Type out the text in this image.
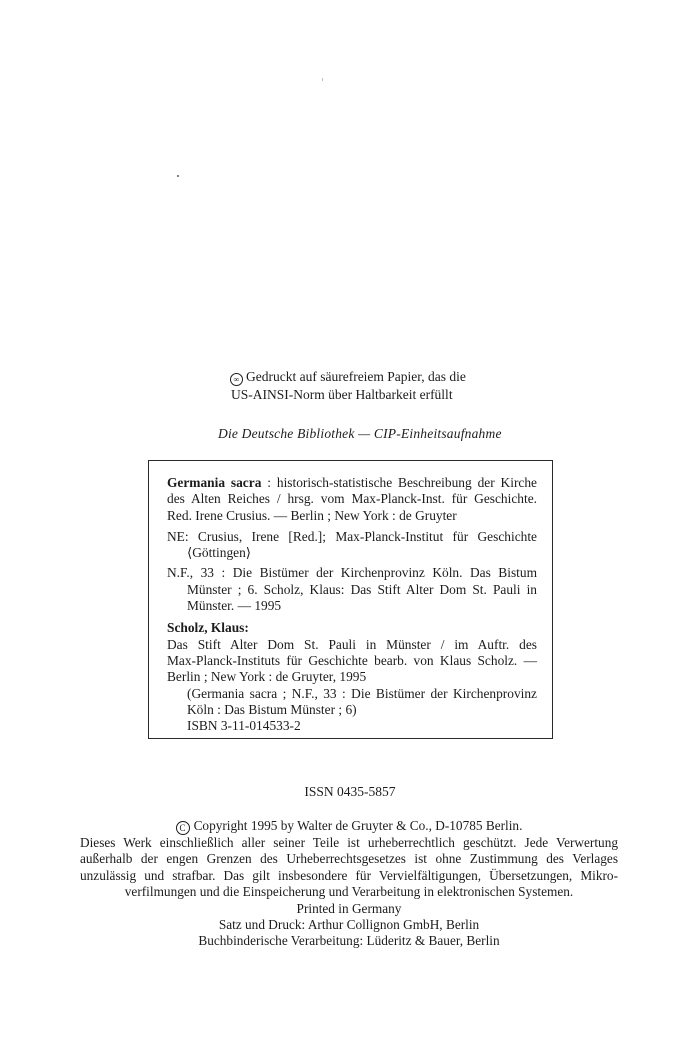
∞ Gedruckt auf säurefreiem Papier, das die
US-AINSI-Norm über Haltbarkeit erfüllt
Die Deutsche Bibliothek — CIP-Einheitsaufnahme
Germania sacra : historisch-statistische Beschreibung der Kirche
des Alten Reiches / hrsg. vom Max-Planck-Inst. für Geschichte.
Red. Irene Crusius. — Berlin ; New York : de Gruyter
NE: Crusius, Irene [Red.]; Max-Planck-Institut für Geschichte
⟨Göttingen⟩
N.F., 33 : Die Bistümer der Kirchenprovinz Köln. Das Bistum
Münster ; 6. Scholz, Klaus: Das Stift Alter Dom St. Pauli in
Münster. — 1995
Scholz, Klaus:
Das Stift Alter Dom St. Pauli in Münster / im Auftr. des
Max-Planck-Instituts für Geschichte bearb. von Klaus Scholz. —
Berlin ; New York : de Gruyter, 1995
(Germania sacra ; N.F., 33 : Die Bistümer der Kirchenprovinz
Köln : Das Bistum Münster ; 6)
ISBN 3-11-014533-2
ISSN 0435-5857
C Copyright 1995 by Walter de Gruyter & Co., D-10785 Berlin.
Dieses Werk einschließlich aller seiner Teile ist urheberrechtlich geschützt. Jede Verwertung
außerhalb der engen Grenzen des Urheberrechtsgesetzes ist ohne Zustimmung des Verlages
unzulässig und strafbar. Das gilt insbesondere für Vervielfältigungen, Übersetzungen, Mikro-
verfilmungen und die Einspeicherung und Verarbeitung in elektronischen Systemen.
Printed in Germany
Satz und Druck: Arthur Collignon GmbH, Berlin
Buchbinderische Verarbeitung: Lüderitz & Bauer, Berlin
